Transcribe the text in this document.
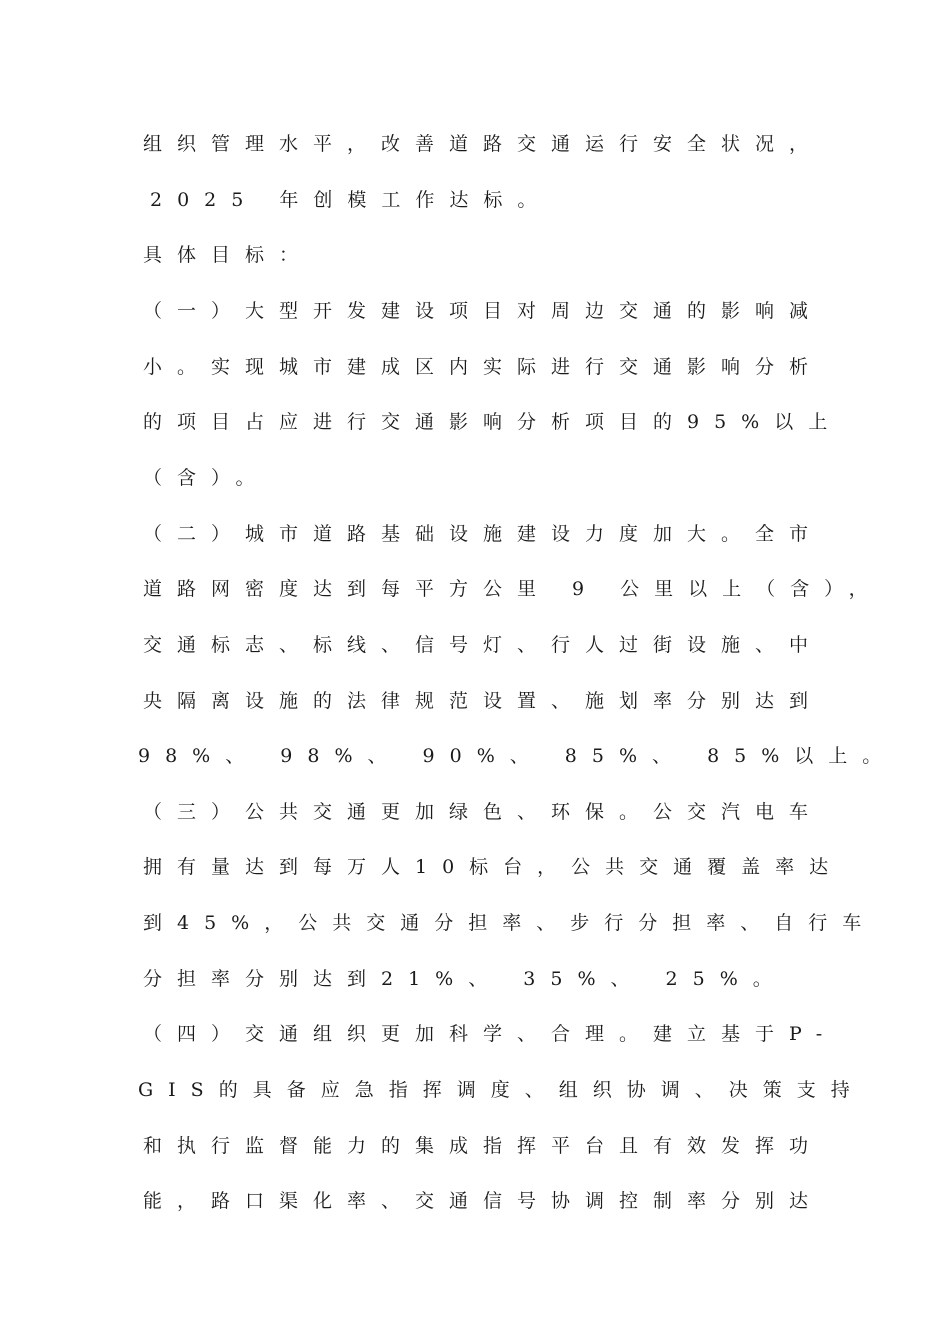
组织管理水平，改善道路交通运行安全状况，
2025 年创模工作达标。
具体目标：
（一）大型开发建设项目对周边交通的影响减
小。实现城市建成区内实际进行交通影响分析
的项目占应进行交通影响分析项目的95%以上
（含）。
（二）城市道路基础设施建设力度加大。全市
道路网密度达到每平方公里 9 公里以上（含），
交通标志、标线、信号灯、行人过街设施、中
央隔离设施的法律规范设置、施划率分别达到
98%、 98%、 90%、 85%、 85%以上。
（三）公共交通更加绿色、环保。公交汽电车
拥有量达到每万人10标台，公共交通覆盖率达
到45%，公共交通分担率、步行分担率、自行车
分担率分别达到21%、 35%、 25%。
（四）交通组织更加科学、合理。建立基于P-
GIS的具备应急指挥调度、组织协调、决策支持
和执行监督能力的集成指挥平台且有效发挥功
能，路口渠化率、交通信号协调控制率分别达
